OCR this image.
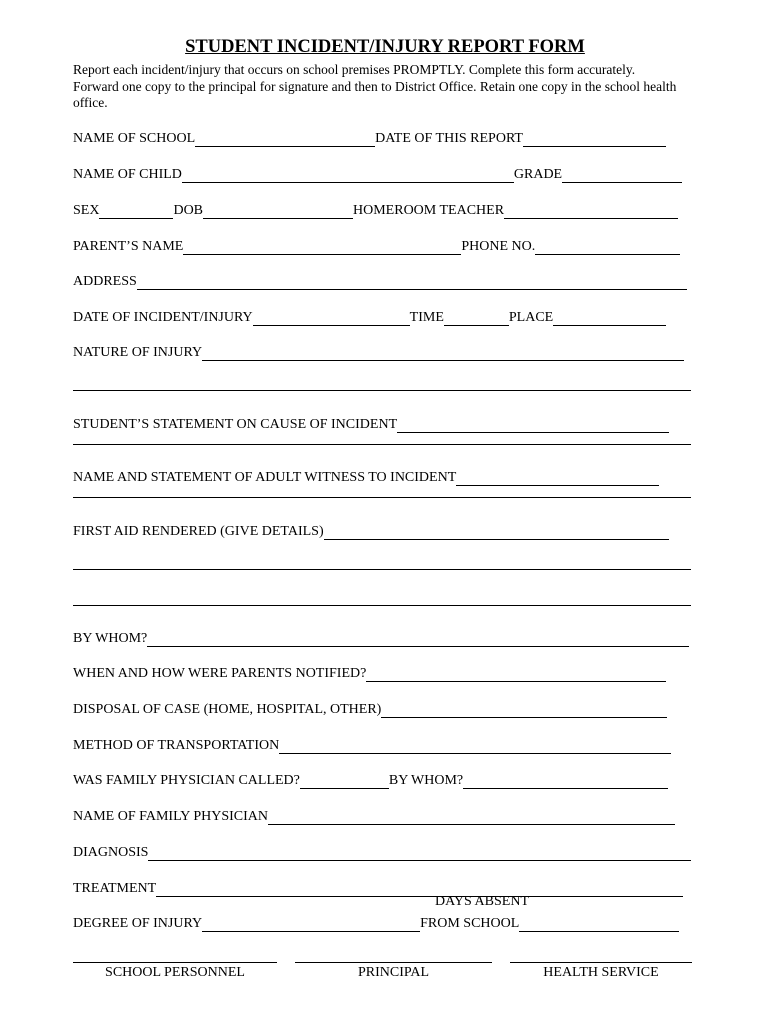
STUDENT INCIDENT/INJURY REPORT FORM
Report each incident/injury that occurs on school premises PROMPTLY. Complete this form accurately.
Forward one copy to the principal for signature and then to District Office. Retain one copy in the school health
office.
NAME OF SCHOOL	DATE OF THIS REPORT
NAME OF CHILD	GRADE
SEX	DOB	HOMEROOM TEACHER
PARENT’S NAME	PHONE NO.
ADDRESS
DATE OF INCIDENT/INJURY	TIME	PLACE
NATURE OF INJURY
STUDENT’S STATEMENT ON CAUSE OF INCIDENT
NAME AND STATEMENT OF ADULT WITNESS TO INCIDENT
FIRST AID RENDERED (GIVE DETAILS)
BY WHOM?
WHEN AND HOW WERE PARENTS NOTIFIED?
DISPOSAL OF CASE (HOME, HOSPITAL, OTHER)
METHOD OF TRANSPORTATION
WAS FAMILY PHYSICIAN CALLED?	BY WHOM?
NAME OF FAMILY PHYSICIAN
DIAGNOSIS
TREATMENT
DAYS ABSENT
DEGREE OF INJURY	FROM SCHOOL
SCHOOL PERSONNEL	PRINCIPAL	HEALTH SERVICE
